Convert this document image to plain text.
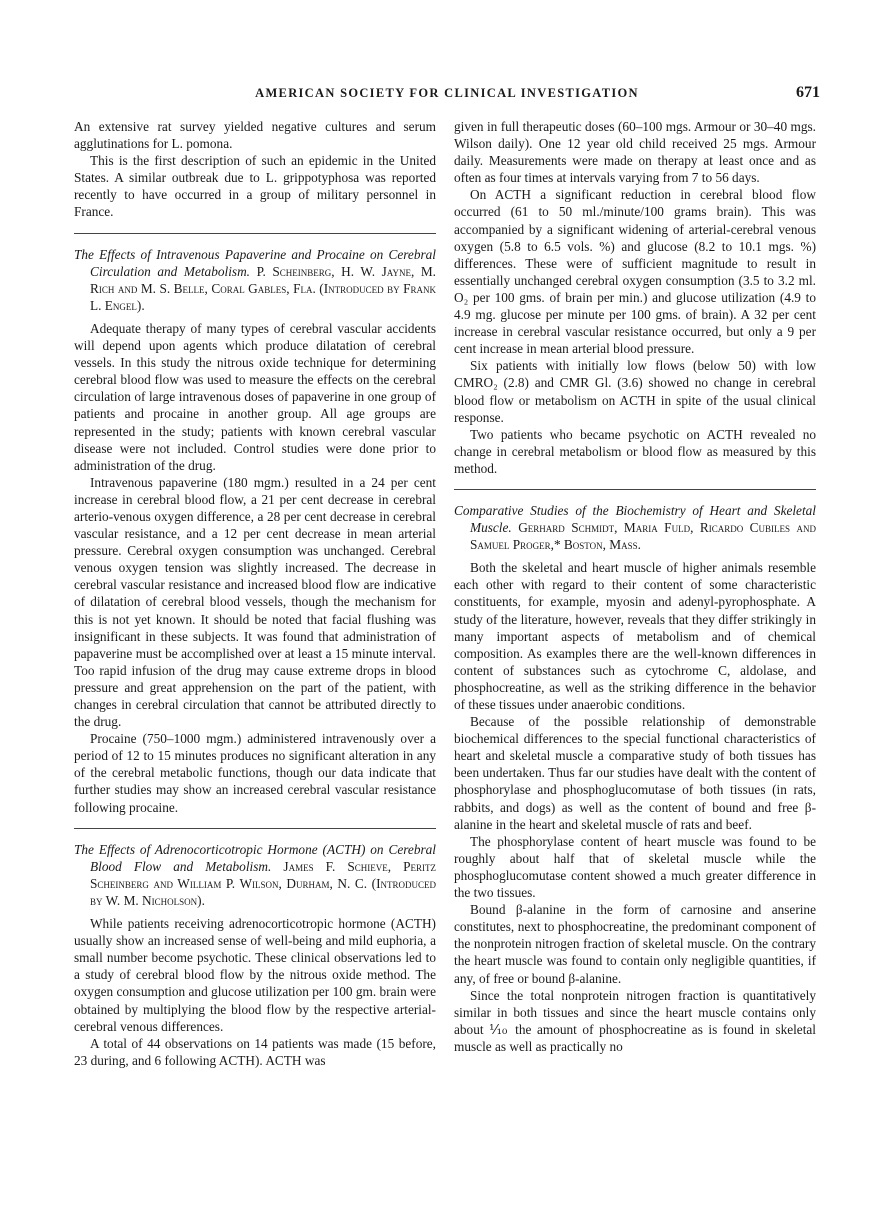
AMERICAN SOCIETY FOR CLINICAL INVESTIGATION	671

An extensive rat survey yielded negative cultures and serum agglutinations for L. pomona.

This is the first description of such an epidemic in the United States. A similar outbreak due to L. grippotyphosa was reported recently to have occurred in a group of military personnel in France.

The Effects of Intravenous Papaverine and Procaine on Cerebral Circulation and Metabolism. P. Scheinberg, H. W. Jayne, M. Rich and M. S. Belle, Coral Gables, Fla. (Introduced by Frank L. Engel).

Adequate therapy of many types of cerebral vascular accidents will depend upon agents which produce dilatation of cerebral vessels. In this study the nitrous oxide technique for determining cerebral blood flow was used to measure the effects on the cerebral circulation of large intravenous doses of papaverine in one group of patients and procaine in another group. All age groups are represented in the study; patients with known cerebral vascular disease were not included. Control studies were done prior to administration of the drug.

Intravenous papaverine (180 mgm.) resulted in a 24 per cent increase in cerebral blood flow, a 21 per cent decrease in cerebral arterio-venous oxygen difference, a 28 per cent decrease in cerebral vascular resistance, and a 12 per cent decrease in mean arterial pressure. Cerebral oxygen consumption was unchanged. Cerebral venous oxygen tension was slightly increased. The decrease in cerebral vascular resistance and increased blood flow are indicative of dilatation of cerebral blood vessels, though the mechanism for this is not yet known. It should be noted that facial flushing was insignificant in these subjects. It was found that administration of papaverine must be accomplished over at least a 15 minute interval. Too rapid infusion of the drug may cause extreme drops in blood pressure and great apprehension on the part of the patient, with changes in cerebral circulation that cannot be attributed directly to the drug.

Procaine (750–1000 mgm.) administered intravenously over a period of 12 to 15 minutes produces no significant alteration in any of the cerebral metabolic functions, though our data indicate that further studies may show an increased cerebral vascular resistance following procaine.

The Effects of Adrenocorticotropic Hormone (ACTH) on Cerebral Blood Flow and Metabolism. James F. Schieve, Peritz Scheinberg and William P. Wilson, Durham, N. C. (Introduced by W. M. Nicholson).

While patients receiving adrenocorticotropic hormone (ACTH) usually show an increased sense of well-being and mild euphoria, a small number become psychotic. These clinical observations led to a study of cerebral blood flow by the nitrous oxide method. The oxygen consumption and glucose utilization per 100 gm. brain were obtained by multiplying the blood flow by the respective arterial-cerebral venous differences.

A total of 44 observations on 14 patients was made (15 before, 23 during, and 6 following ACTH). ACTH was

given in full therapeutic doses (60–100 mgs. Armour or 30–40 mgs. Wilson daily). One 12 year old child received 25 mgs. Armour daily. Measurements were made on therapy at least once and as often as four times at intervals varying from 7 to 56 days.

On ACTH a significant reduction in cerebral blood flow occurred (61 to 50 ml./minute/100 grams brain). This was accompanied by a significant widening of arterial-cerebral venous oxygen (5.8 to 6.5 vols. %) and glucose (8.2 to 10.1 mgs. %) differences. These were of sufficient magnitude to result in essentially unchanged cerebral oxygen consumption (3.5 to 3.2 ml. O₂ per 100 gms. of brain per min.) and glucose utilization (4.9 to 4.9 mg. glucose per minute per 100 gms. of brain). A 32 per cent increase in cerebral vascular resistance occurred, but only a 9 per cent increase in mean arterial blood pressure.

Six patients with initially low flows (below 50) with low CMRO₂ (2.8) and CMR Gl. (3.6) showed no change in cerebral blood flow or metabolism on ACTH in spite of the usual clinical response.

Two patients who became psychotic on ACTH revealed no change in cerebral metabolism or blood flow as measured by this method.

Comparative Studies of the Biochemistry of Heart and Skeletal Muscle. Gerhard Schmidt, Maria Fuld, Ricardo Cubiles and Samuel Proger,* Boston, Mass.

Both the skeletal and heart muscle of higher animals resemble each other with regard to their content of some characteristic constituents, for example, myosin and adenyl-pyrophosphate. A study of the literature, however, reveals that they differ strikingly in many important aspects of metabolism and of chemical composition. As examples there are the well-known differences in content of substances such as cytochrome C, aldolase, and phosphocreatine, as well as the striking difference in the behavior of these tissues under anaerobic conditions.

Because of the possible relationship of demonstrable biochemical differences to the special functional characteristics of heart and skeletal muscle a comparative study of both tissues has been undertaken. Thus far our studies have dealt with the content of phosphorylase and phosphoglucomutase of both tissues (in rats, rabbits, and dogs) as well as the content of bound and free β-alanine in the heart and skeletal muscle of rats and beef.

The phosphorylase content of heart muscle was found to be roughly about half that of skeletal muscle while the phosphoglucomutase content showed a much greater difference in the two tissues.

Bound β-alanine in the form of carnosine and anserine constitutes, next to phosphocreatine, the predominant component of the nonprotein nitrogen fraction of skeletal muscle. On the contrary the heart muscle was found to contain only negligible quantities, if any, of free or bound β-alanine.

Since the total nonprotein nitrogen fraction is quantitatively similar in both tissues and since the heart muscle contains only about ⅒ the amount of phosphocreatine as is found in skeletal muscle as well as practically no
